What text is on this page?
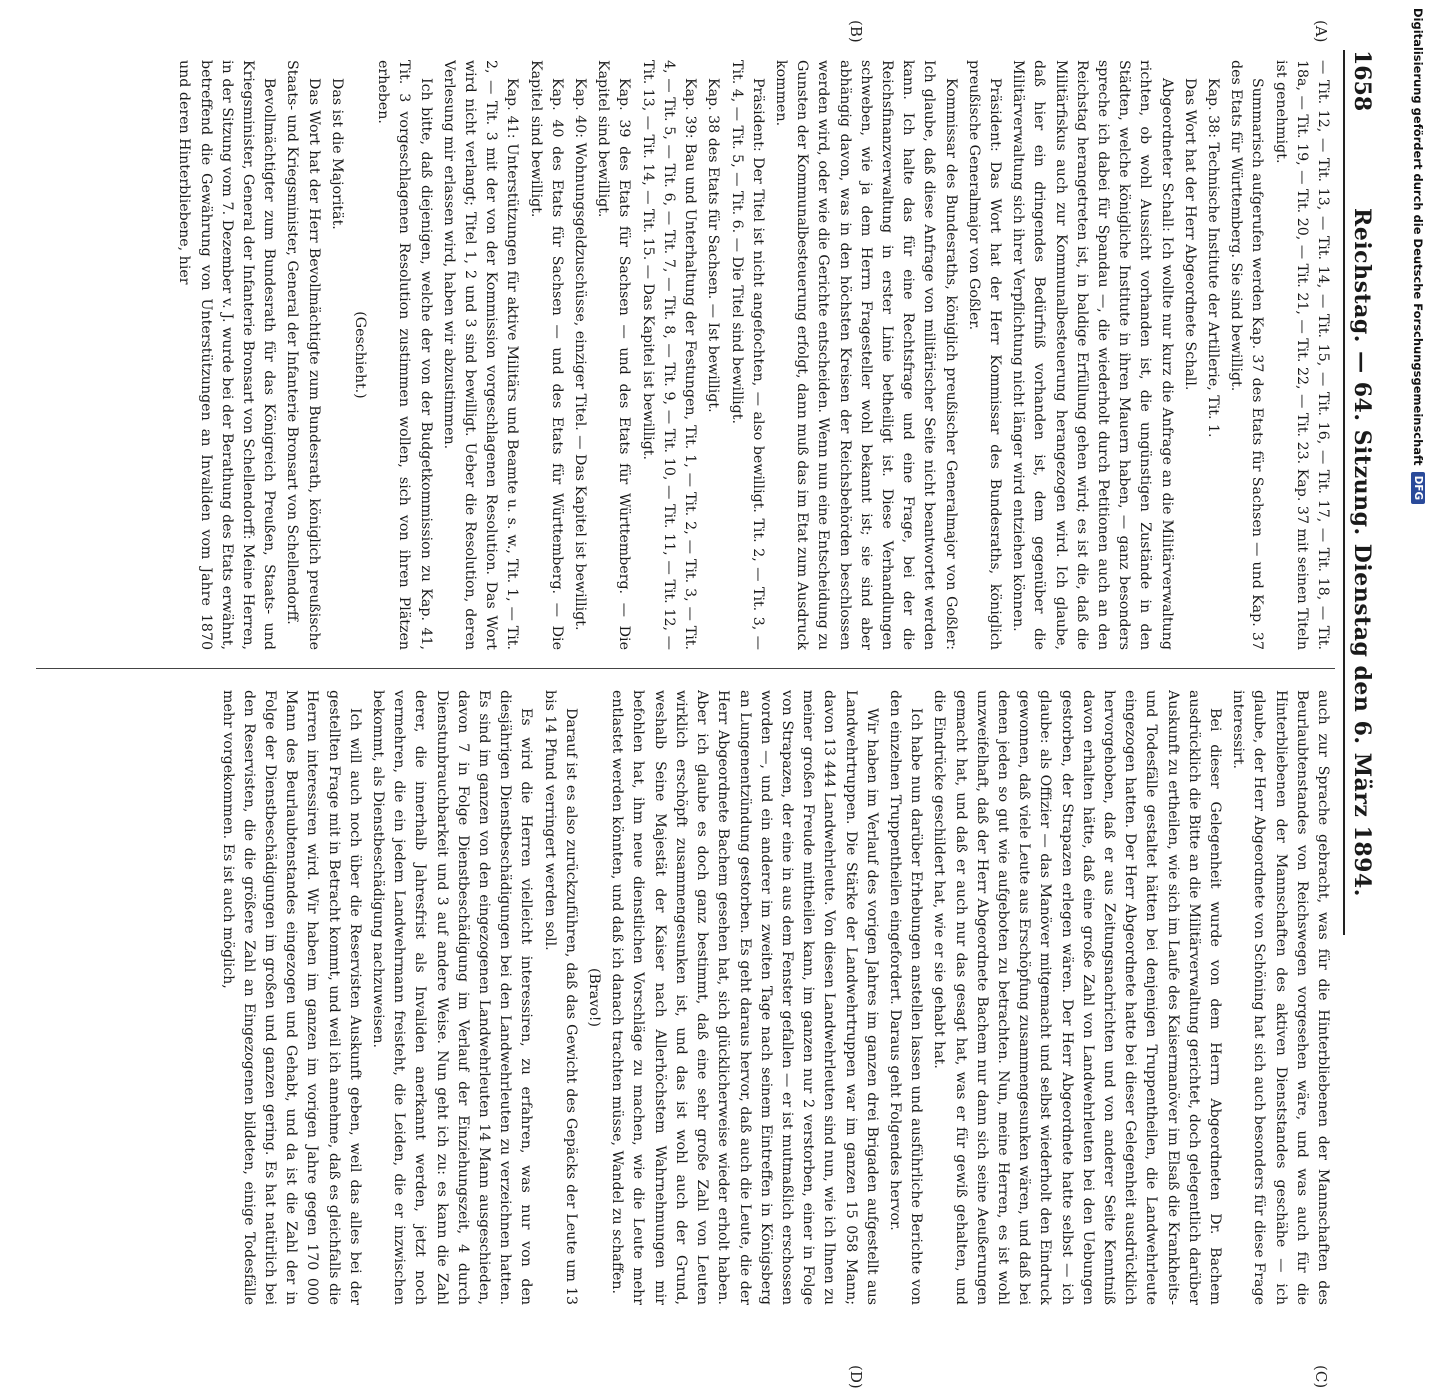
1658
Reichstag. — 64. Sitzung. Dienstag den 6. März 1894.
(A)
(B)
(C)
(D)

— Tit. 12, — Tit. 13, — Tit. 14, — Tit. 15, — Tit. 16, — Tit. 17, — Tit. 18, — Tit. 18a, — Tit. 19, — Tit. 20, — Tit. 21, — Tit. 22, — Tit. 23. Kap. 37 mit seinen Titeln ist genehmigt.

Summarisch aufgerufen werden Kap. 37 des Etats für Sachsen — und Kap. 37 des Etats für Württemberg. Sie sind bewilligt.

Kap. 38: Technische Institute der Artillerie, Tit. 1.

Das Wort hat der Herr Abgeordnete Schall.

Abgeordneter Schall: Ich wollte nur kurz die Anfrage an die Militärverwaltung richten, ob wohl Aussicht vorhanden ist, die ungünstigen Zustände in den Städten, welche königliche Institute in ihren Mauern haben, — ganz besonders spreche ich dabei für Spandau —, die wiederholt durch Petitionen auch an den Reichstag herangetreten ist, in baldige Erfüllung gehen wird; es ist die, daß die Militärfiskus auch zur Kommunalbesteuerung herangezogen wird. Ich glaube, daß hier ein dringendes Bedürfniß vorhanden ist, dem gegenüber die Militärverwaltung sich ihrer Verpflichtung nicht länger wird entziehen können.

Präsident: Das Wort hat der Herr Kommissar des Bundesraths, königlich preußische Generalmajor von Goßler.

Kommissar des Bundesraths, königlich preußischer Generalmajor von Goßler: Ich glaube, daß diese Anfrage von militärischer Seite nicht beantwortet werden kann. Ich halte das für eine Rechtsfrage und eine Frage, bei der die Reichsfinanzverwaltung in erster Linie betheiligt ist. Diese Verhandlungen schweben, wie ja dem Herrn Fragesteller wohl bekannt ist; sie sind aber abhängig davon, was in den höchsten Kreisen der Reichsbehörden beschlossen werden wird, oder wie die Gerichte entscheiden. Wenn nun eine Entscheidung zu Gunsten der Kommunalbesteuerung erfolgt, dann muß das im Etat zum Ausdruck kommen.

Präsident: Der Titel ist nicht angefochten, — also bewilligt. Tit. 2, — Tit. 3, — Tit. 4, — Tit. 5, — Tit. 6. — Die Titel sind bewilligt.

Kap. 38 des Etats für Sachsen. — Ist bewilligt.

Kap. 39: Bau und Unterhaltung der Festungen, Tit. 1, — Tit. 2, — Tit. 3, — Tit. 4, — Tit. 5, — Tit. 6, — Tit. 7, — Tit. 8, — Tit. 9, — Tit. 10, — Tit. 11, — Tit. 12, — Tit. 13, — Tit. 14, — Tit. 15. — Das Kapitel ist bewilligt.

Kap. 39 des Etats für Sachsen — und des Etats für Württemberg. — Die Kapitel sind bewilligt.

Kap. 40: Wohnungsgeldzuschüsse, einziger Titel. — Das Kapitel ist bewilligt.

Kap. 40 des Etats für Sachsen — und des Etats für Württemberg. — Die Kapitel sind bewilligt.

Kap. 41: Unterstützungen für aktive Militärs und Beamte u. s. w., Tit. 1, — Tit. 2, — Tit. 3 mit der von der Kommission vorgeschlagenen Resolution. Das Wort wird nicht verlangt; Titel 1, 2 und 3 sind bewilligt. Ueber die Resolution, deren Verlesung mir erlassen wird, haben wir abzustimmen.

Ich bitte, daß diejenigen, welche der von der Budgetkommission zu Kap. 41, Tit. 3 vorgeschlagenen Resolution zustimmen wollen, sich von ihren Plätzen erheben.

(Geschieht.)

Das ist die Majorität.

Das Wort hat der Herr Bevollmächtigte zum Bundesrath, königlich preußische Staats- und Kriegsminister, General der Infanterie Bronsart von Schellendorff.

Bevollmächtigter zum Bundesrath für das Königreich Preußen, Staats- und Kriegsminister, General der Infanterie Bronsart von Schellendorff: Meine Herren, in der Sitzung vom 7. Dezember v. J. wurde bei der Berathung des Etats erwähnt, betreffend die Gewährung von Unterstützungen an Invaliden vom Jahre 1870 und deren Hinterbliebene, hier

auch zur Sprache gebracht, was für die Hinterbliebenen der Mannschaften des Beurlaubtenstandes von Reichswegen vorgesehen wäre, und was auch für die Hinterbliebenen der Mannschaften des aktiven Dienststandes geschähe — ich glaube, der Herr Abgeordnete von Schöning hat sich auch besonders für diese Frage interessirt.

Bei dieser Gelegenheit wurde von dem Herrn Abgeordneten Dr. Bachem ausdrücklich die Bitte an die Militärverwaltung gerichtet, doch gelegentlich darüber Auskunft zu ertheilen, wie sich im Laufe des Kaisermanöver im Elsaß die Krankheits- und Todesfälle gestaltet hätten bei denjenigen Truppentheilen, die Landwehrleute eingezogen hatten. Der Herr Abgeordnete hatte bei dieser Gelegenheit ausdrücklich hervorgehoben, daß er aus Zeitungsnachrichten und von anderer Seite Kenntniß davon erhalten hätte, daß eine große Zahl von Landwehrleuten bei den Uebungen gestorben, der Strapazen erlegen wären. Der Herr Abgeordnete hatte selbst — ich glaube: als Offizier — das Manöver mitgemacht und selbst wiederholt den Eindruck gewonnen, daß viele Leute aus Erschöpfung zusammengesunken wären, und daß bei denen jeden so gut wie aufgeboten zu betrachten. Nun, meine Herren, es ist wohl unzweifelhaft, daß der Herr Abgeordnete Bachem nur dann sich seine Aeußerungen gemacht hat, und daß er auch nur das gesagt hat, was er für gewiß gehalten, und die Eindrücke geschildert hat, wie er sie gehabt hat.

Ich habe nun darüber Erhebungen anstellen lassen und ausführliche Berichte von den einzelnen Truppentheilen eingefordert. Daraus geht Folgendes hervor.

Wir haben im Verlauf des vorigen Jahres im ganzen drei Brigaden aufgestellt aus Landwehrtruppen. Die Stärke der Landwehrtruppen war im ganzen 15 058 Mann; davon 13 444 Landwehrleute. Von diesen Landwehrleuten sind nun, wie ich Ihnen zu meiner großen Freude mittheilen kann, im ganzen nur 2 verstorben, einer in Folge von Strapazen, der eine in aus dem Fenster gefallen — er ist mutmaßlich erschossen worden —, und ein anderer im zweiten Tage nach seinem Eintreffen in Königsberg an Lungenentzündung gestorben. Es geht daraus hervor, daß auch die Leute, die der Herr Abgeordnete Bachem gesehen hat, sich glücklicherweise wieder erholt haben. Aber ich glaube es doch ganz bestimmt, daß eine sehr große Zahl von Leuten wirklich erschöpft zusammengesunken ist, und das ist wohl auch der Grund, weshalb Seine Majestät der Kaiser nach Allerhöchstem Wahrnehmungen mir befohlen hat, ihm neue dienstlichen Vorschläge zu machen, wie die Leute mehr entlastet werden könnten, und daß ich danach trachten müsse, Wandel zu schaffen.

(Bravo!)

Darauf ist es also zurückzuführen, daß das Gewicht des Gepäcks der Leute um 13 bis 14 Pfund verringert werden soll.

Es wird die Herren vielleicht interessiren, zu erfahren, was nur von den diesjährigen Dienstbeschädigungen bei den Landwehrleuten zu verzeichnen hatten. Es sind im ganzen von den eingezogenen Landwehrleuten 14 Mann ausgeschieden, davon 7 in Folge Dienstbeschädigung im Verlauf der Einziehungszeit, 4 durch Dienstunbrauchbarkeit und 3 auf andere Weise. Nun geht ich zu: es kann die Zahl derer, die innerhalb Jahresfrist als Invaliden anerkannt werden, jetzt noch vermehren, die ein jedem Landwehrmann freisteht, die Leiden, die er inzwischen bekommt, als Dienstbeschädigung nachzuweisen.

Ich will auch noch über die Reservisten Auskunft geben, weil das alles bei der gestellten Frage mit in Betracht kommt, und weil ich annehme, daß es gleichfalls die Herren interessiren wird. Wir haben im ganzen im vorigen Jahre gegen 170 000 Mann des Beurlaubtenstandes eingezogen und Gehabt, und da ist die Zahl der in Folge der Dienstbeschädigungen im großen und ganzen gering. Es hat natürlich bei den Reservisten, die die größere Zahl an Eingezogenen bildeten, einige Todesfälle mehr vorgekommen. Es ist auch möglich,

Digitalisierung gefördert durch die Deutsche Forschungsgemeinschaft
DFG
